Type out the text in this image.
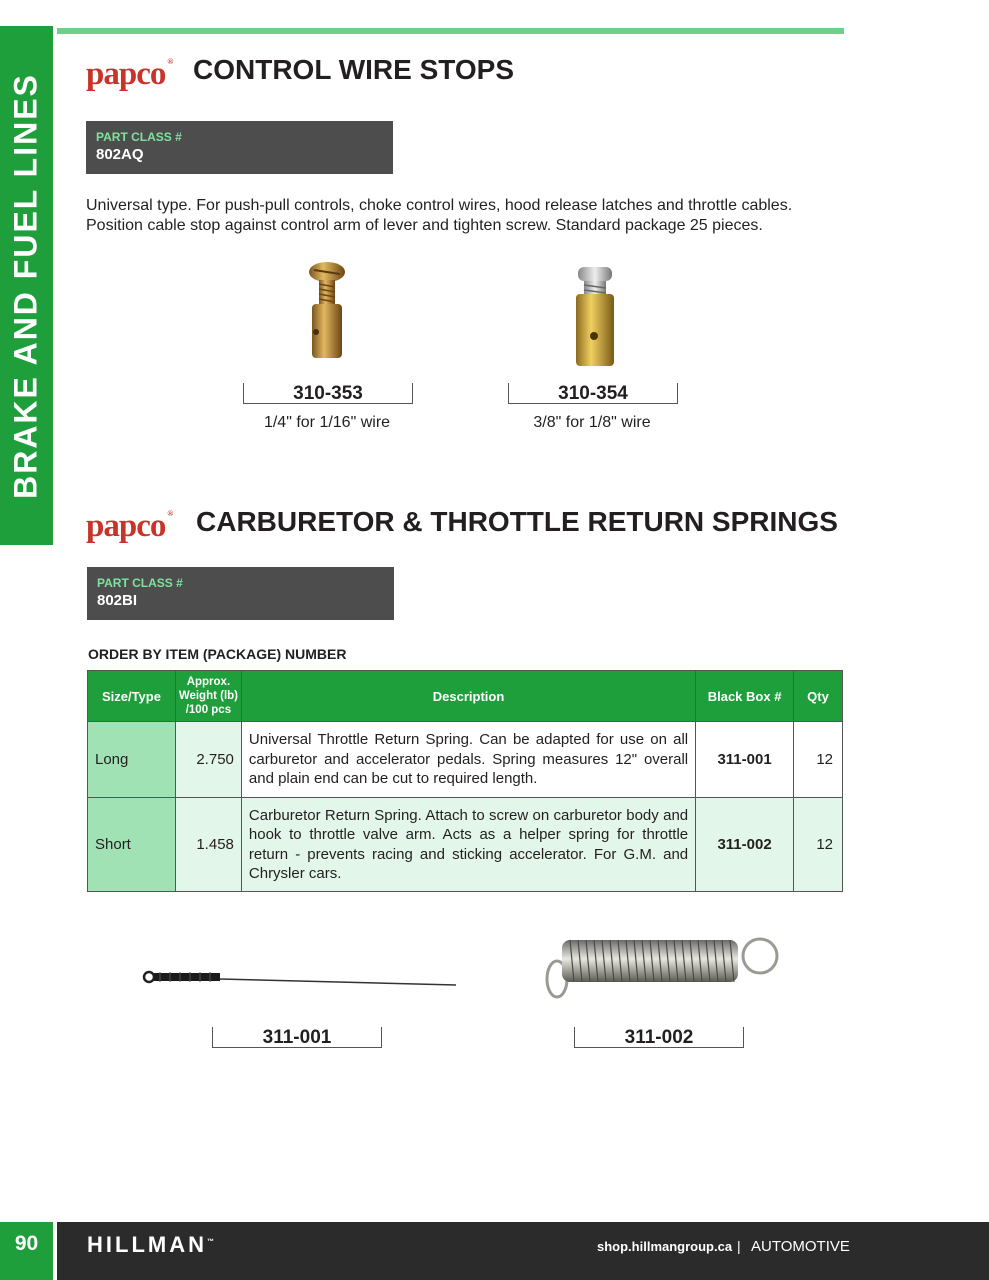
BRAKE AND FUEL LINES papco ® CONTROL WIRE STOPS
PART CLASS #
802AQ
Universal type. For push-pull controls, choke control wires, hood release latches and throttle cables. Position cable stop against control arm of lever and tighten screw. Standard package 25 pieces.
310-353
1/4" for 1/16" wire
310-354
3/8" for 1/8" wire
papco ® CARBURETOR & THROTTLE RETURN SPRINGS
PART CLASS #
802BI
ORDER BY ITEM (PACKAGE) NUMBER
Size/Type	Approx.
Weight (lb)
/100 pcs	Description	Black Box #	Qty
Long	2.750	Universal Throttle Return Spring. Can be adapted for use on all carburetor and accelerator pedals. Spring measures 12" overall and plain end can be cut to required length.	311-001	12
Short	1.458	Carburetor Return Spring. Attach to screw on carburetor body and hook to throttle valve arm. Acts as a helper spring for throttle return - prevents racing and sticking accelerator. For G.M. and Chrysler cars.	311-002	12
311-001	311-002
90	HILLMAN™	shop.hillmangroup.ca | AUTOMOTIVE
